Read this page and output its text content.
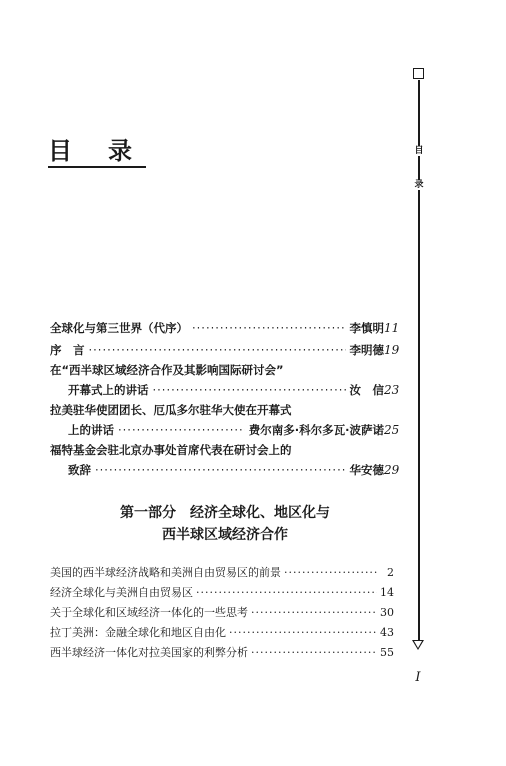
目
录
I
目录
全球化与第三世界（代序） ·····	李慎明 11
序　言 ·····	李明德 19
在“西半球区域经济合作及其影响国际研讨会”
开幕式上的讲话 ·····	汝　信 23
拉美驻华使团团长、厄瓜多尔驻华大使在开幕式
上的讲话 ·····	费尔南多·科尔多瓦·波萨诺 25
福特基金会驻北京办事处首席代表在研讨会上的
致辞 ·····	华安德 29
第一部分　经济全球化、地区化与
西半球区域经济合作
美国的西半球经济战略和美洲自由贸易区的前景 ·····	2
经济全球化与美洲自由贸易区 ·····	14
关于全球化和区域经济一体化的一些思考 ·····	30
拉丁美洲：金融全球化和地区自由化 ·····	43
西半球经济一体化对拉美国家的利弊分析 ·····	55
